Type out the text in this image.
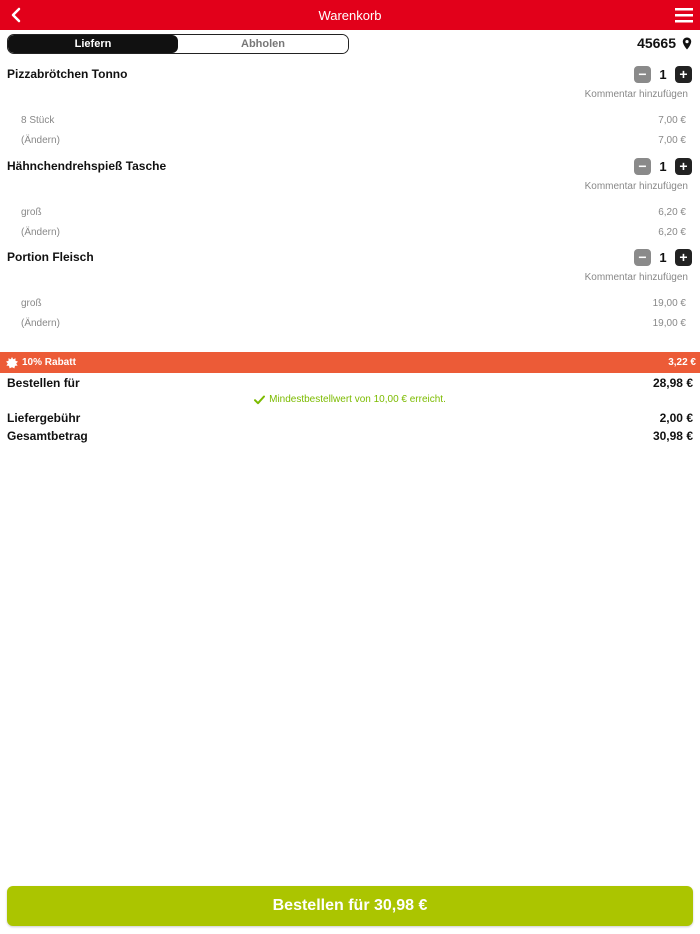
Warenkorb
Liefern	Abholen	45665
Pizzabrötchen Tonno	− 1 +
Kommentar hinzufügen
8 Stück	7,00 €
(Ändern)	7,00 €
Hähnchendrehspieß Tasche	− 1 +
Kommentar hinzufügen
groß	6,20 €
(Ändern)	6,20 €
Portion Fleisch	− 1 +
Kommentar hinzufügen
groß	19,00 €
(Ändern)	19,00 €
10% Rabatt	3,22 €
Bestellen für	28,98 €
Mindestbestellwert von 10,00 € erreicht.
Liefergebühr	2,00 €
Gesamtbetrag	30,98 €
Bestellen für 30,98 €
